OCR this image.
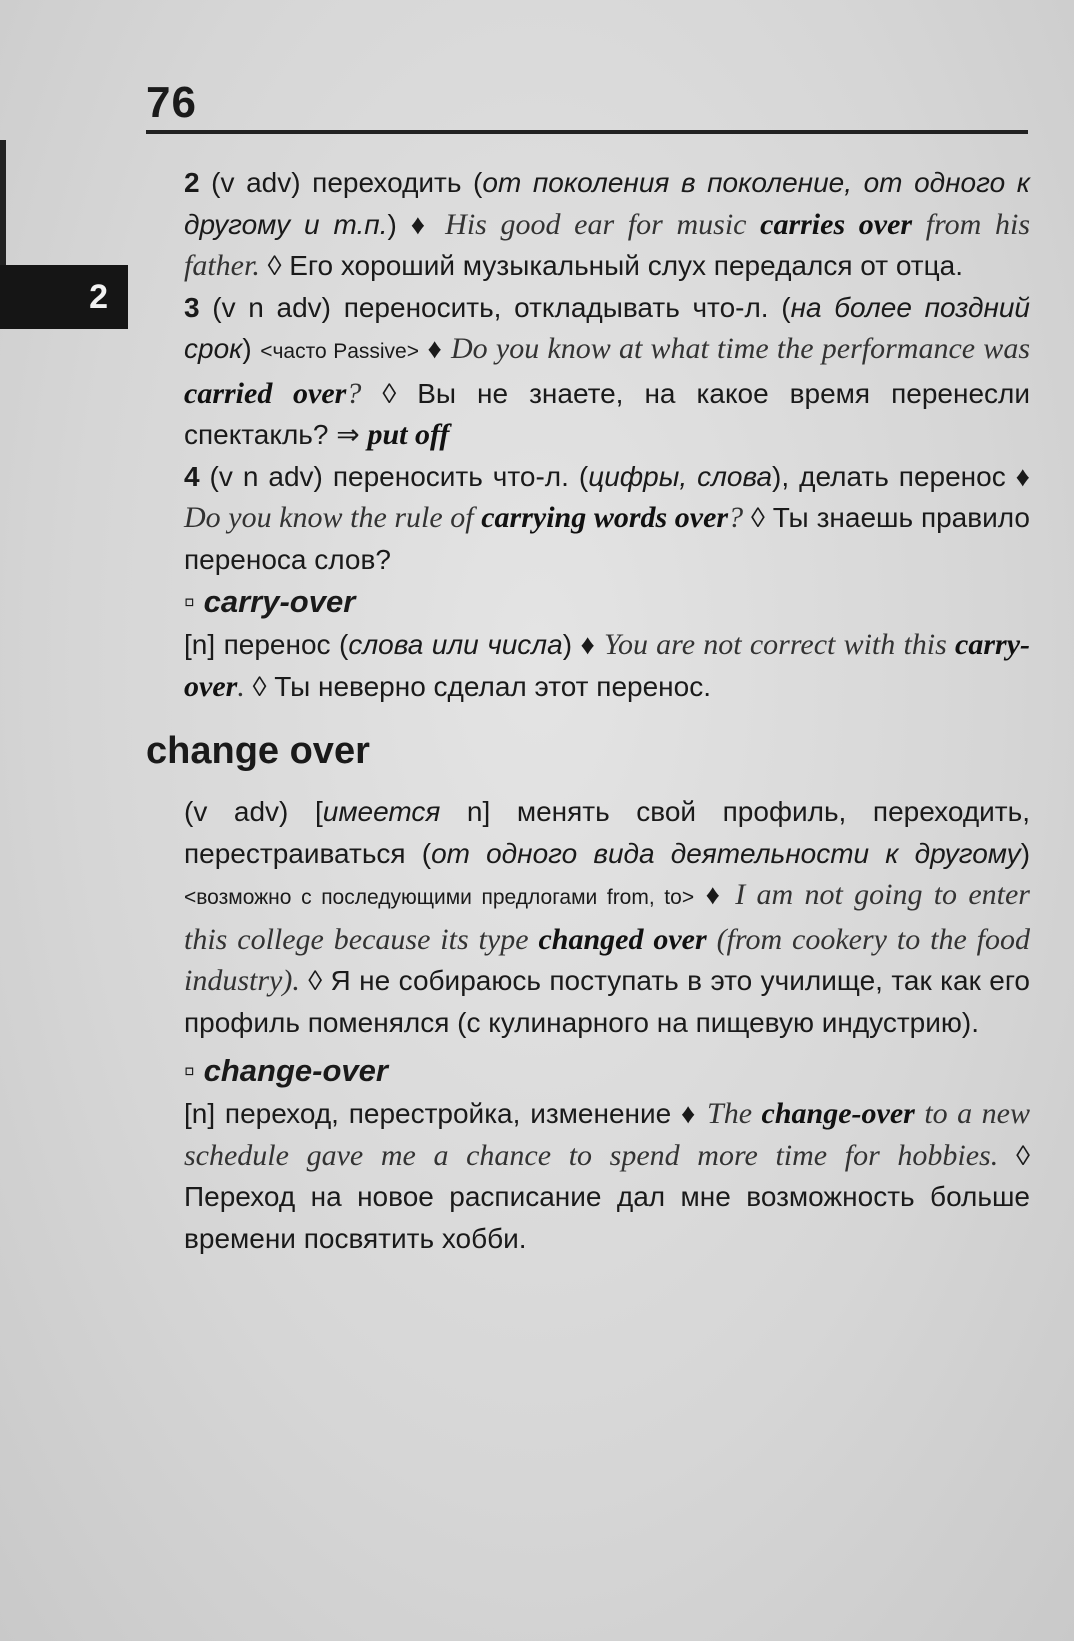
2
76

2 (v adv) переходить (от поколения в поколение, от одного к другому и т.п.) ♦ His good ear for music carries over from his father. ◊ Его хороший музыкальный слух передался от отца.

3 (v n adv) переносить, откладывать что-л. (на более поздний срок) <часто Passive> ♦ Do you know at what time the performance was carried over? ◊ Вы не знаете, на какое время перенесли спектакль? ⇒ put off

4 (v n adv) переносить что-л. (цифры, слова), делать перенос ♦ Do you know the rule of carrying words over? ◊ Ты знаешь правило переноса слов?

▫ carry-over

[n] перенос (слова или числа) ♦ You are not correct with this carry-over. ◊ Ты неверно сделал этот перенос.

change over

(v adv) [имеется n] менять свой профиль, переходить, перестраиваться (от одного вида деятельности к другому) <возможно с последующими предлогами from, to> ♦ I am not going to enter this college because its type changed over (from cookery to the food industry). ◊ Я не собираюсь поступать в это училище, так как его профиль поменялся (с кулинарного на пищевую индустрию).

▫ change-over

[n] переход, перестройка, изменение ♦ The change-over to a new schedule gave me a chance to spend more time for hobbies. ◊ Переход на новое расписание дал мне возможность больше времени посвятить хобби.
